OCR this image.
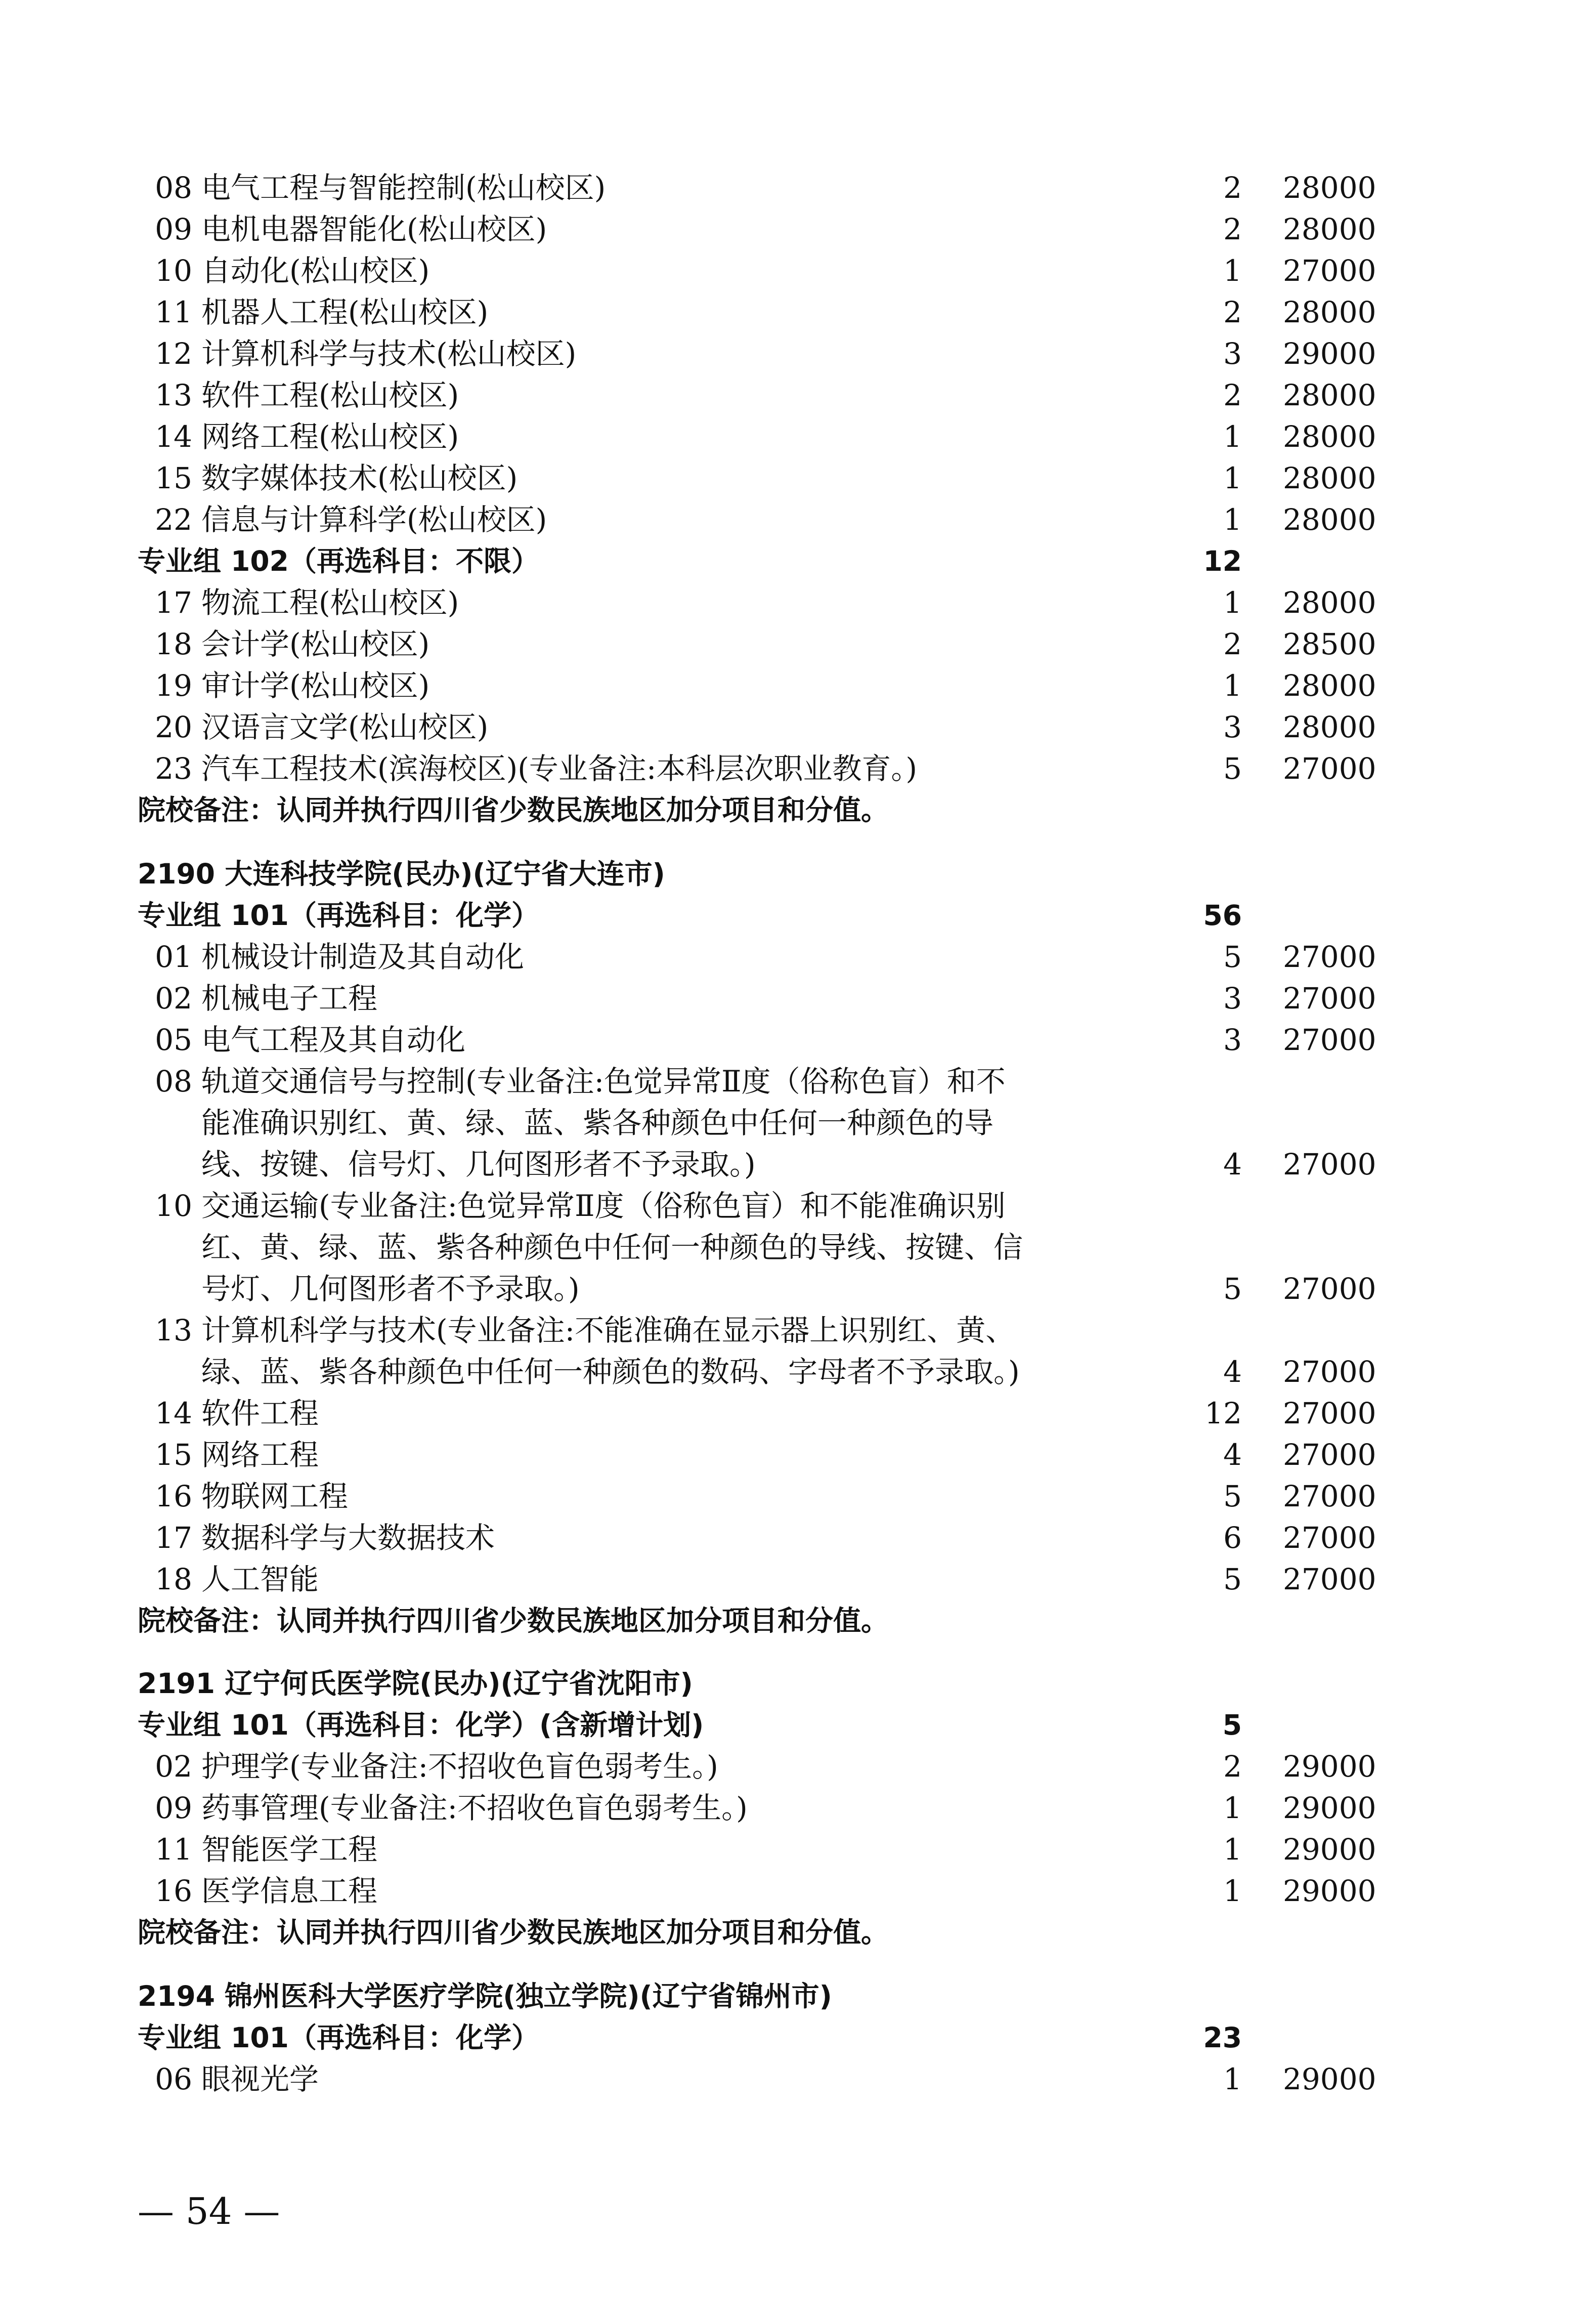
08 电气工程与智能控制(松山校区)	2 28000
09 电机电器智能化(松山校区)	2 28000
10 自动化(松山校区)	1 27000
11 机器人工程(松山校区)	2 28000
12 计算机科学与技术(松山校区)	3 29000
13 软件工程(松山校区)	2 28000
14 网络工程(松山校区)	1 28000
15 数字媒体技术(松山校区)	1 28000
22 信息与计算科学(松山校区)	1 28000
专业组 102（再选科目：不限）	12
17 物流工程(松山校区)	1 28000
18 会计学(松山校区)	2 28500
19 审计学(松山校区)	1 28000
20 汉语言文学(松山校区)	3 28000
23 汽车工程技术(滨海校区)(专业备注:本科层次职业教育。)	5 27000
院校备注：认同并执行四川省少数民族地区加分项目和分值。
2190 大连科技学院(民办)(辽宁省大连市)
专业组 101（再选科目：化学）	56
01 机械设计制造及其自动化	5 27000
02 机械电子工程	3 27000
05 电气工程及其自动化	3 27000
08 轨道交通信号与控制(专业备注:色觉异常Ⅱ度（俗称色盲）和不
能准确识别红、黄、绿、蓝、紫各种颜色中任何一种颜色的导
线、按键、信号灯、几何图形者不予录取。)	4 27000
10 交通运输(专业备注:色觉异常Ⅱ度（俗称色盲）和不能准确识别
红、黄、绿、蓝、紫各种颜色中任何一种颜色的导线、按键、信
号灯、几何图形者不予录取。)	5 27000
13 计算机科学与技术(专业备注:不能准确在显示器上识别红、黄、
绿、蓝、紫各种颜色中任何一种颜色的数码、字母者不予录取。)	4 27000
14 软件工程	12 27000
15 网络工程	4 27000
16 物联网工程	5 27000
17 数据科学与大数据技术	6 27000
18 人工智能	5 27000
院校备注：认同并执行四川省少数民族地区加分项目和分值。
2191 辽宁何氏医学院(民办)(辽宁省沈阳市)
专业组 101（再选科目：化学）(含新增计划)	5
02 护理学(专业备注:不招收色盲色弱考生。)	2 29000
09 药事管理(专业备注:不招收色盲色弱考生。)	1 29000
11 智能医学工程	1 29000
16 医学信息工程	1 29000
院校备注：认同并执行四川省少数民族地区加分项目和分值。
2194 锦州医科大学医疗学院(独立学院)(辽宁省锦州市)
专业组 101（再选科目：化学）	23
06 眼视光学	1 29000
— 54 —
